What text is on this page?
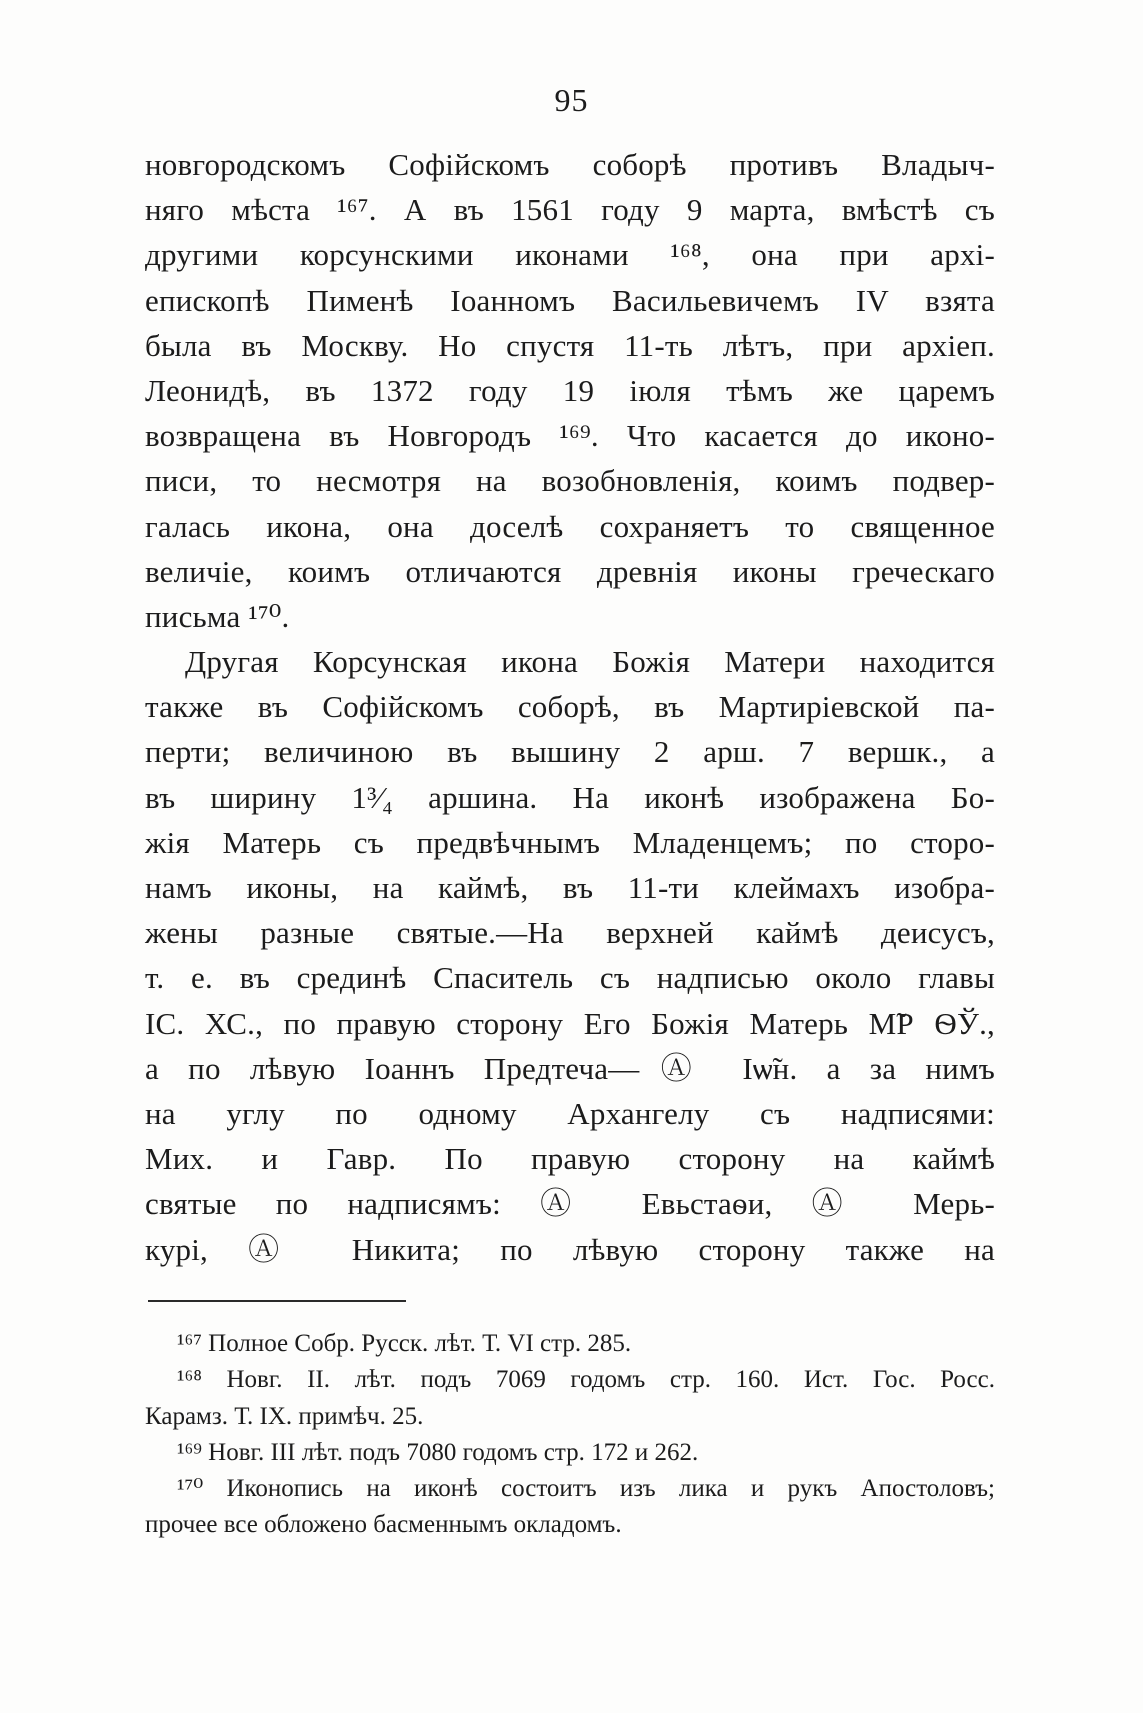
95
новгородскомъ Софійскомъ соборѣ противъ Владыч-
няго мѣста ¹⁶⁷. А въ 1561 году 9 марта, вмѣстѣ съ
другими корсунскими иконами ¹⁶⁸, она при архі-
епископѣ Пименѣ Іоанномъ Васильевичемъ IV взята
была въ Москву. Но спустя 11-ть лѣтъ, при архіеп.
Леонидѣ, въ 1372 году 19 іюля тѣмъ же царемъ
возвращена въ Новгородъ ¹⁶⁹. Что касается до иконо-
писи, то несмотря на возобновленія, коимъ подвер-
галась икона, она доселѣ сохраняетъ то священное
величіе, коимъ отличаются древнія иконы греческаго
письма ¹⁷⁰.
Другая Корсунская икона Божія Матери находится
также въ Софійскомъ соборѣ, въ Мартиріевской па-
перти; величиною въ вышину 2 арш. 7 вершк., а
въ ширину 1³⁄₄ аршина. На иконѣ изображена Бо-
жія Матерь съ предвѣчнымъ Младенцемъ; по сторо-
намъ иконы, на каймѣ, въ 11-ти клеймахъ изобра-
жены разные святые.—На верхней каймѣ деисусъ,
т. е. въ срединѣ Спаситель съ надписью около главы
ІС. ХС., по правую сторону Его Божія Матерь М̃Р ѲЎ.,
а по лѣвую Іоаннъ Предтеча—Ⓐ Іѡ̃н. а за нимъ
на углу по одному Архангелу съ надписями:
Мих. и Гавр. По правую сторону на каймѣ
святые по надписямъ: Ⓐ Евьстаѳи, Ⓐ Мерь-
курі, Ⓐ Никита; по лѣвую сторону также на
¹⁶⁷ Полное Собр. Русск. лѣт. Т. VI стр. 285.
¹⁶⁸ Новг. II. лѣт. подъ 7069 годомъ стр. 160. Ист. Гос. Росс.
Карамз. Т. IX. примѣч. 25.
¹⁶⁹ Новг. III лѣт. подъ 7080 годомъ стр. 172 и 262.
¹⁷⁰ Иконопись на иконѣ состоитъ изъ лика и рукъ Апостоловъ;
прочее все обложено басменнымъ окладомъ.
